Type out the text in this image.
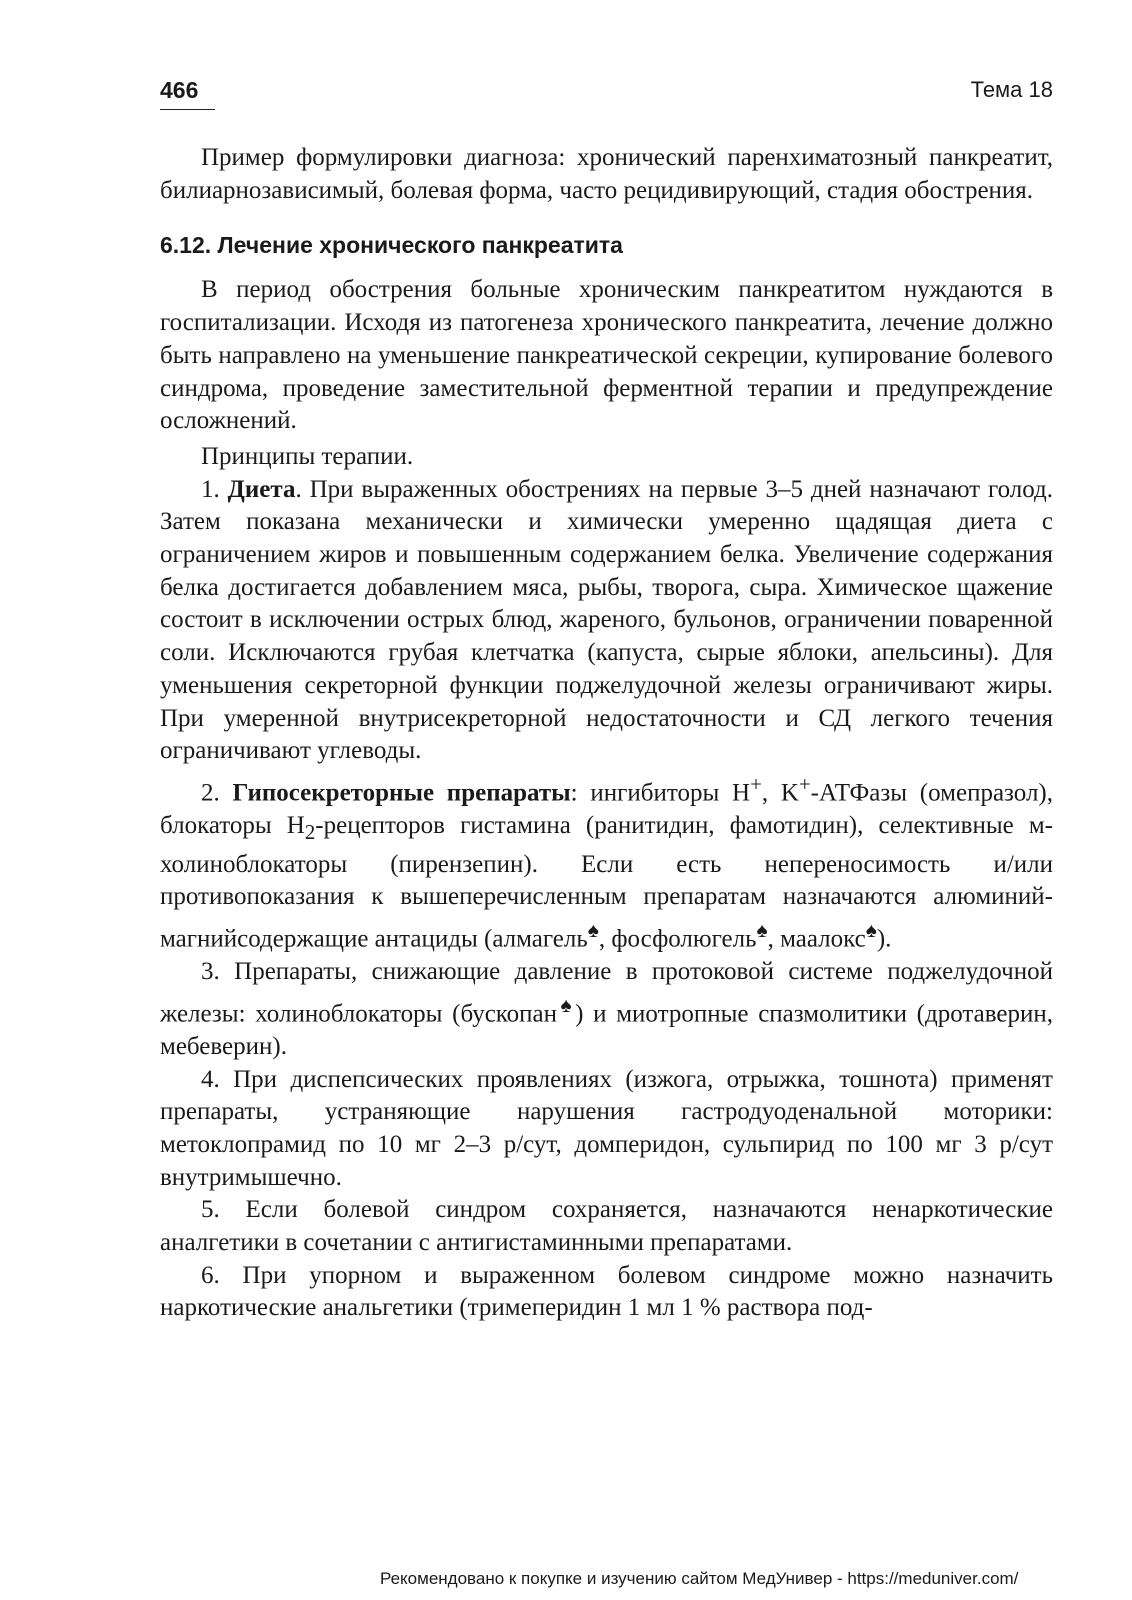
466	Тема 18

Пример формулировки диагноза: хронический паренхиматозный панкреатит, билиарнозависимый, болевая форма, часто рецидивирующий, стадия обострения.

6.12. Лечение хронического панкреатита

В период обострения больные хроническим панкреатитом нуждаются в госпитализации. Исходя из патогенеза хронического панкреатита, лечение должно быть направлено на уменьшение панкреатической секреции, купирование болевого синдрома, проведение заместительной ферментной терапии и предупреждение осложнений.

Принципы терапии.

1. Диета. При выраженных обострениях на первые 3–5 дней назначают голод. Затем показана механически и химически умеренно щадящая диета с ограничением жиров и повышенным содержанием белка. Увеличение содержания белка достигается добавлением мяса, рыбы, творога, сыра. Химическое щажение состоит в исключении острых блюд, жареного, бульонов, ограничении поваренной соли. Исключаются грубая клетчатка (капуста, сырые яблоки, апельсины). Для уменьшения секреторной функции поджелудочной железы ограничивают жиры. При умеренной внутрисекреторной недостаточности и СД легкого течения ограничивают углеводы.

2. Гипосекреторные препараты: ингибиторы H+, K+-АТФазы (омепразол), блокаторы $H_2$-рецепторов гистамина (ранитидин, фамотидин), селективные м-холиноблокаторы (пирензепин). Если есть непереносимость и/или противопоказания к вышеперечисленным препаратам назначаются алюминий-магнийсодержащие антациды (алмагель♠, фосфолюгель♠, маалокс♠).

3. Препараты, снижающие давление в протоковой системе поджелудочной железы: холиноблокаторы (бускопан♠) и миотропные спазмолитики (дротаверин, мебеверин).

4. При диспепсических проявлениях (изжога, отрыжка, тошнота) применят препараты, устраняющие нарушения гастродуоденальной моторики: метоклопрамид по 10 мг 2–3 р/сут, домперидон, сульпирид по 100 мг 3 р/сут внутримышечно.

5. Если болевой синдром сохраняется, назначаются ненаркотические аналгетики в сочетании с антигистаминными препаратами.

6. При упорном и выраженном болевом синдроме можно назначить наркотические анальгетики (тримеперидин 1 мл 1 % раствора под-

Рекомендовано к покупке и изучению сайтом МедУнивер - https://meduniver.com/
